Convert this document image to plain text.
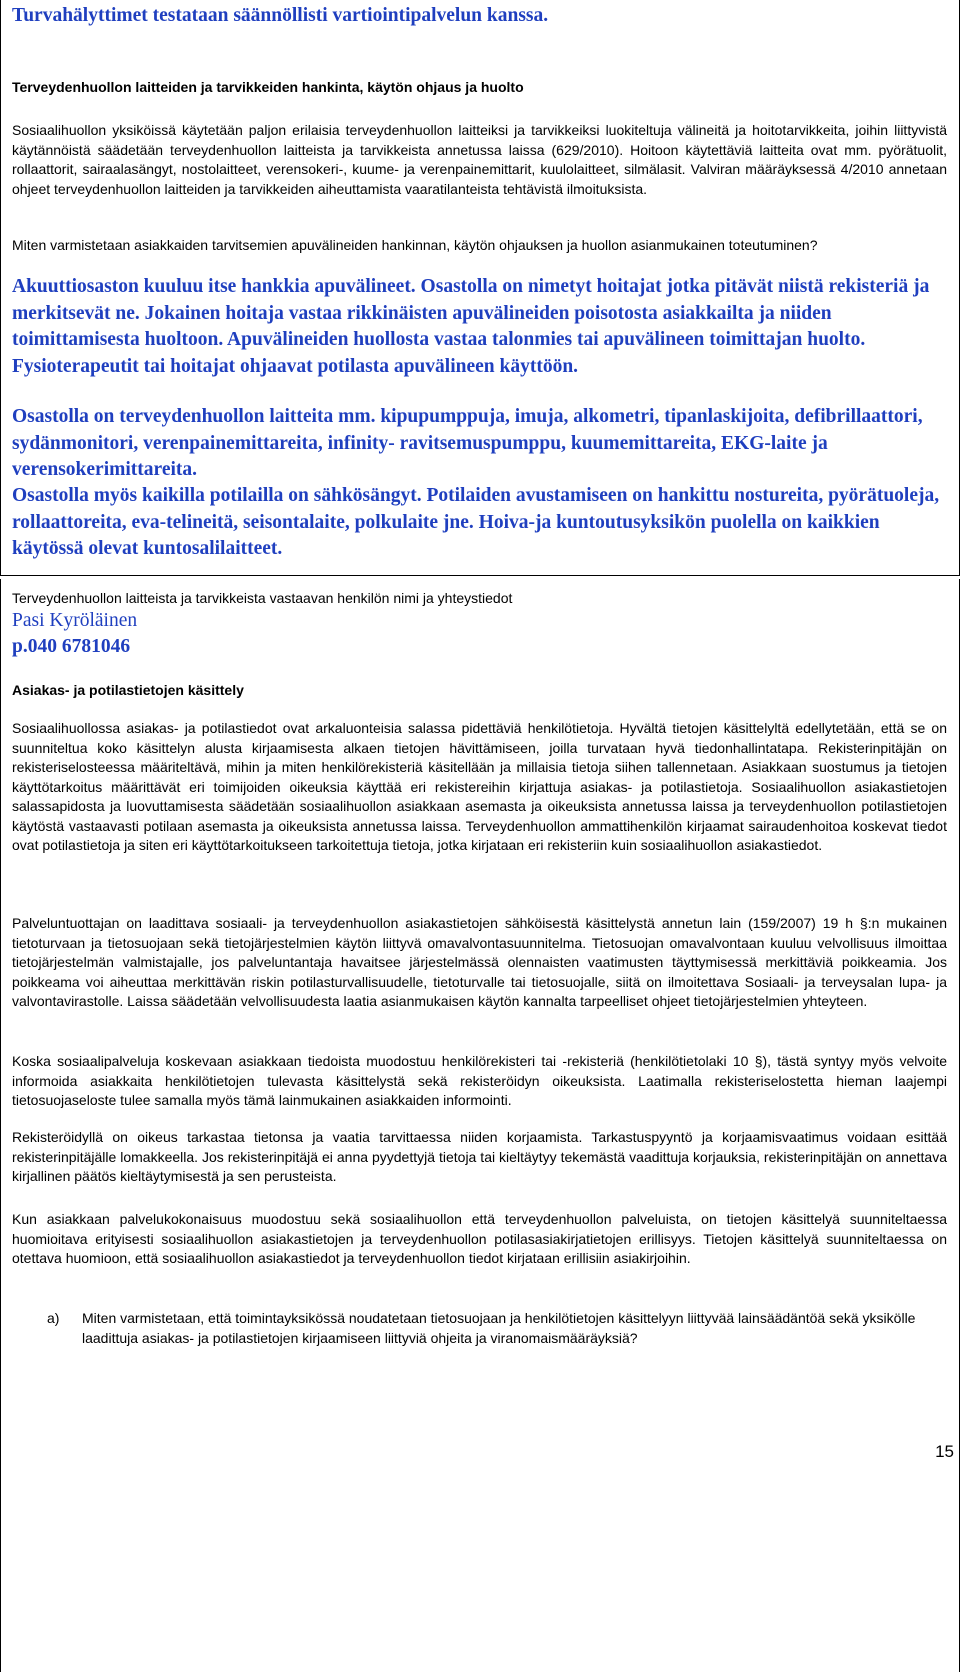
Turvahälyttimet testataan säännöllisti vartiointipalvelun kanssa.
Terveydenhuollon laitteiden ja tarvikkeiden hankinta, käytön ohjaus ja huolto

Sosiaalihuollon yksiköissä käytetään paljon erilaisia terveydenhuollon laitteiksi ja tarvikkeiksi luokiteltuja välineitä ja hoitotarvikkeita, joihin liittyvistä käytännöistä säädetään terveydenhuollon laitteista ja tarvikkeista annetussa laissa (629/2010). Hoitoon käytettäviä laitteita ovat mm. pyörätuolit, rollaattorit, sairaalasängyt, nostolaitteet, verensokeri-, kuume- ja verenpainemittarit, kuulolaitteet, silmälasit. Valviran määräyksessä 4/2010 annetaan ohjeet terveydenhuollon laitteiden ja tarvikkeiden aiheuttamista vaaratilanteista tehtävistä ilmoituksista.

Miten varmistetaan asiakkaiden tarvitsemien apuvälineiden hankinnan, käytön ohjauksen ja huollon asianmukainen toteutuminen?

Akuuttiosaston kuuluu itse hankkia apuvälineet. Osastolla on nimetyt hoitajat jotka pitävät niistä rekisteriä ja merkitsevät ne. Jokainen hoitaja vastaa rikkinäisten apuvälineiden poisotosta asiakkailta ja niiden toimittamisesta huoltoon. Apuvälineiden huollosta vastaa talonmies tai apuvälineen toimittajan huolto. Fysioterapeutit tai hoitajat ohjaavat potilasta apuvälineen käyttöön.

Osastolla on terveydenhuollon laitteita mm. kipupumppuja, imuja, alkometri, tipanlaskijoita, defibrillaattori, sydänmonitori, verenpainemittareita, infinity- ravitsemuspumppu, kuumemittareita, EKG-laite ja verensokerimittareita.

Osastolla myös kaikilla potilailla on sähkösängyt. Potilaiden avustamiseen on hankittu nostureita, pyörätuoleja, rollaattoreita, eva-telineitä, seisontalaite, polkulaite jne. Hoiva-ja kuntoutusyksikön puolella on kaikkien käytössä olevat kuntosalilaitteet.

Terveydenhuollon laitteista ja tarvikkeista vastaavan henkilön nimi ja yhteystiedot
Pasi Kyröläinen
p.040 6781046
Asiakas- ja potilastietojen käsittely

Sosiaalihuollossa asiakas- ja potilastiedot ovat arkaluonteisia salassa pidettäviä henkilötietoja. Hyvältä tietojen käsittelyltä edellytetään, että se on suunniteltua koko käsittelyn alusta kirjaamisesta alkaen tietojen hävittämiseen, joilla turvataan hyvä tiedonhallintatapa. Rekisterinpitäjän on rekisteriselosteessa määriteltävä, mihin ja miten henkilörekisteriä käsitellään ja millaisia tietoja siihen tallennetaan. Asiakkaan suostumus ja tietojen käyttötarkoitus määrittävät eri toimijoiden oikeuksia käyttää eri rekistereihin kirjattuja asiakas- ja potilastietoja. Sosiaalihuollon asiakastietojen salassapidosta ja luovuttamisesta säädetään sosiaalihuollon asiakkaan asemasta ja oikeuksista annetussa laissa ja terveydenhuollon potilastietojen käytöstä vastaavasti potilaan asemasta ja oikeuksista annetussa laissa. Terveydenhuollon ammattihenkilön kirjaamat sairaudenhoitoa koskevat tiedot ovat potilastietoja ja siten eri käyttötarkoitukseen tarkoitettuja tietoja, jotka kirjataan eri rekisteriin kuin sosiaalihuollon asiakastiedot.

Palveluntuottajan on laadittava sosiaali- ja terveydenhuollon asiakastietojen sähköisestä käsittelystä annetun lain (159/2007) 19 h §:n mukainen tietoturvaan ja tietosuojaan sekä tietojärjestelmien käytön liittyvä omavalvontasuunnitelma. Tietosuojan omavalvontaan kuuluu velvollisuus ilmoittaa tietojärjestelmän valmistajalle, jos palveluntantaja havaitsee järjestelmässä olennaisten vaatimusten täyttymisessä merkittäviä poikkeamia. Jos poikkeama voi aiheuttaa merkittävän riskin potilasturvallisuudelle, tietoturvalle tai tietosuojalle, siitä on ilmoitettava Sosiaali- ja terveysalan lupa- ja valvontavirastolle. Laissa säädetään velvollisuudesta laatia asianmukaisen käytön kannalta tarpeelliset ohjeet tietojärjestelmien yhteyteen.

Koska sosiaalipalveluja koskevaan asiakkaan tiedoista muodostuu henkilörekisteri tai -rekisteriä (henkilötietolaki 10 §), tästä syntyy myös velvoite informoida asiakkaita henkilötietojen tulevasta käsittelystä sekä rekisteröidyn oikeuksista. Laatimalla rekisteriselostetta hieman laajempi tietosuojaseloste tulee samalla myös tämä lainmukainen asiakkaiden informointi.

Rekisteröidyllä on oikeus tarkastaa tietonsa ja vaatia tarvittaessa niiden korjaamista. Tarkastuspyyntö ja korjaamisvaatimus voidaan esittää rekisterinpitäjälle lomakkeella. Jos rekisterinpitäjä ei anna pyydettyjä tietoja tai kieltäytyy tekemästä vaadittuja korjauksia, rekisterinpitäjän on annettava kirjallinen päätös kieltäytymisestä ja sen perusteista.

Kun asiakkaan palvelukokonaisuus muodostuu sekä sosiaalihuollon että terveydenhuollon palveluista, on tietojen käsittelyä suunniteltaessa huomioitava erityisesti sosiaalihuollon asiakastietojen ja terveydenhuollon potilasasiakirjatietojen erillisyys. Tietojen käsittelyä suunniteltaessa on otettava huomioon, että sosiaalihuollon asiakastiedot ja terveydenhuollon tiedot kirjataan erillisiin asiakirjoihin.

a)	Miten varmistetaan, että toimintayksikössä noudatetaan tietosuojaan ja henkilötietojen käsittelyyn liittyvää lainsäädäntöä sekä yksikölle laadittuja asiakas- ja potilastietojen kirjaamiseen liittyviä ohjeita ja viranomaismääräyksiä?
15
